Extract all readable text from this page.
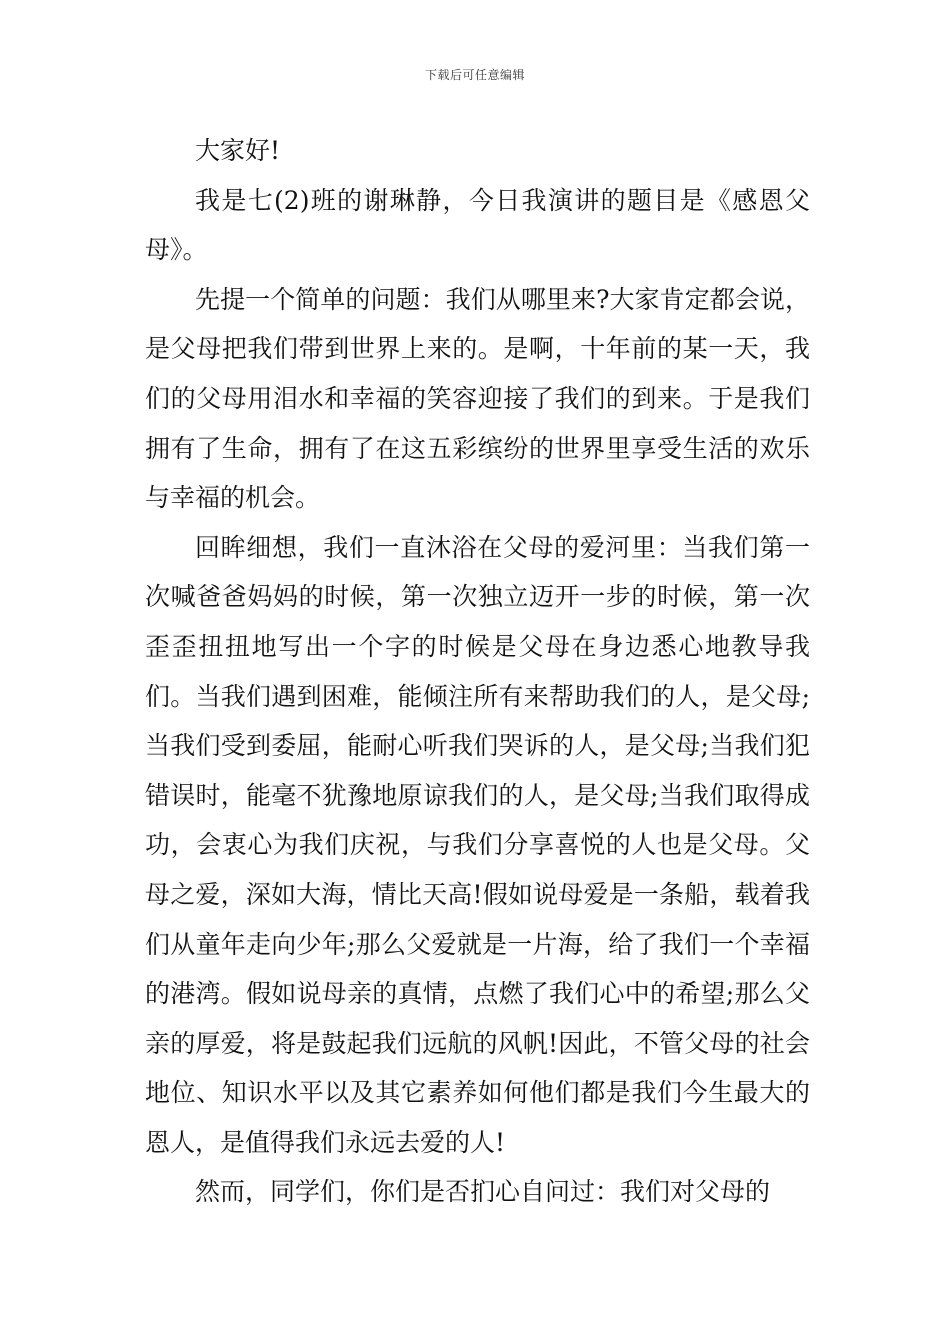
下载后可任意编辑

大家好!

我是七(2)班的谢琳静，今日我演讲的题目是《感恩父母》。

先提一个简单的问题：我们从哪里来?大家肯定都会说，是父母把我们带到世界上来的。是啊，十年前的某一天，我们的父母用泪水和幸福的笑容迎接了我们的到来。于是我们拥有了生命，拥有了在这五彩缤纷的世界里享受生活的欢乐与幸福的机会。

回眸细想，我们一直沐浴在父母的爱河里：当我们第一次喊爸爸妈妈的时候，第一次独立迈开一步的时候，第一次歪歪扭扭地写出一个字的时候是父母在身边悉心地教导我们。当我们遇到困难，能倾注所有来帮助我们的人，是父母;当我们受到委屈，能耐心听我们哭诉的人，是父母;当我们犯错误时，能毫不犹豫地原谅我们的人，是父母;当我们取得成功，会衷心为我们庆祝，与我们分享喜悦的人也是父母。父母之爱，深如大海，情比天高!假如说母爱是一条船，载着我们从童年走向少年;那么父爱就是一片海，给了我们一个幸福的港湾。假如说母亲的真情，点燃了我们心中的希望;那么父亲的厚爱，将是鼓起我们远航的风帆!因此，不管父母的社会地位、知识水平以及其它素养如何他们都是我们今生最大的恩人，是值得我们永远去爱的人!

然而，同学们，你们是否扪心自问过：我们对父母的
